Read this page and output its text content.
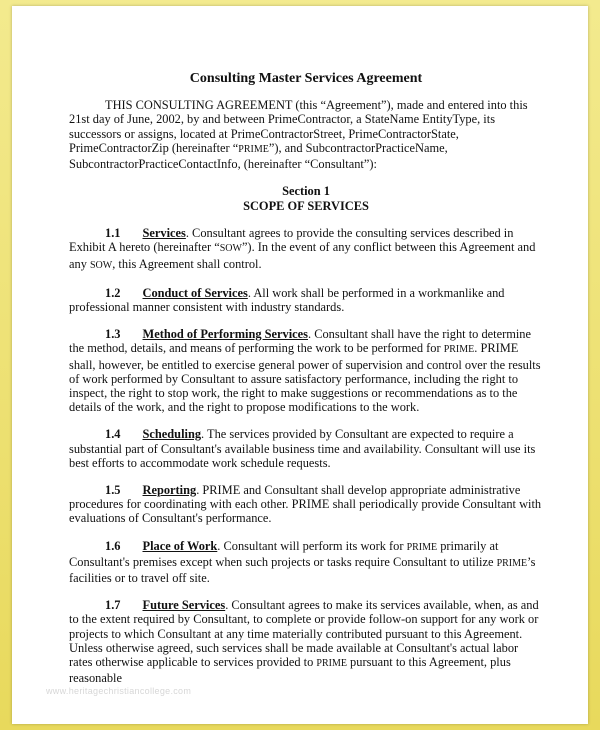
Consulting Master Services Agreement

THIS CONSULTING AGREEMENT (this “Agreement”), made and entered into this 21st day of June, 2002, by and between PrimeContractor, a StateName EntityType, its successors or assigns, located at PrimeContractorStreet, PrimeContractorState, PrimeContractorZip (hereinafter “PRIME”), and SubcontractorPracticeName, SubcontractorPracticeContactInfo, (hereinafter “Consultant”):

Section 1
SCOPE OF SERVICES

1.1 Services. Consultant agrees to provide the consulting services described in Exhibit A hereto (hereinafter “SOW”). In the event of any conflict between this Agreement and any SOW, this Agreement shall control.

1.2 Conduct of Services. All work shall be performed in a workmanlike and professional manner consistent with industry standards.

1.3 Method of Performing Services. Consultant shall have the right to determine the method, details, and means of performing the work to be performed for PRIME. PRIME shall, however, be entitled to exercise general power of supervision and control over the results of work performed by Consultant to assure satisfactory performance, including the right to inspect, the right to stop work, the right to make suggestions or recommendations as to the details of the work, and the right to propose modifications to the work.

1.4 Scheduling. The services provided by Consultant are expected to require a substantial part of Consultant's available business time and availability. Consultant will use its best efforts to accommodate work schedule requests.

1.5 Reporting. PRIME and Consultant shall develop appropriate administrative procedures for coordinating with each other. PRIME shall periodically provide Consultant with evaluations of Consultant's performance.

1.6 Place of Work. Consultant will perform its work for PRIME primarily at Consultant's premises except when such projects or tasks require Consultant to utilize PRIME’s facilities or to travel off site.

1.7 Future Services. Consultant agrees to make its services available, when, as and to the extent required by Consultant, to complete or provide follow-on support for any work or projects to which Consultant at any time materially contributed pursuant to this Agreement. Unless otherwise agreed, such services shall be made available at Consultant's actual labor rates otherwise applicable to services provided to PRIME pursuant to this Agreement, plus reasonable

www.heritagechristiancollege.com
